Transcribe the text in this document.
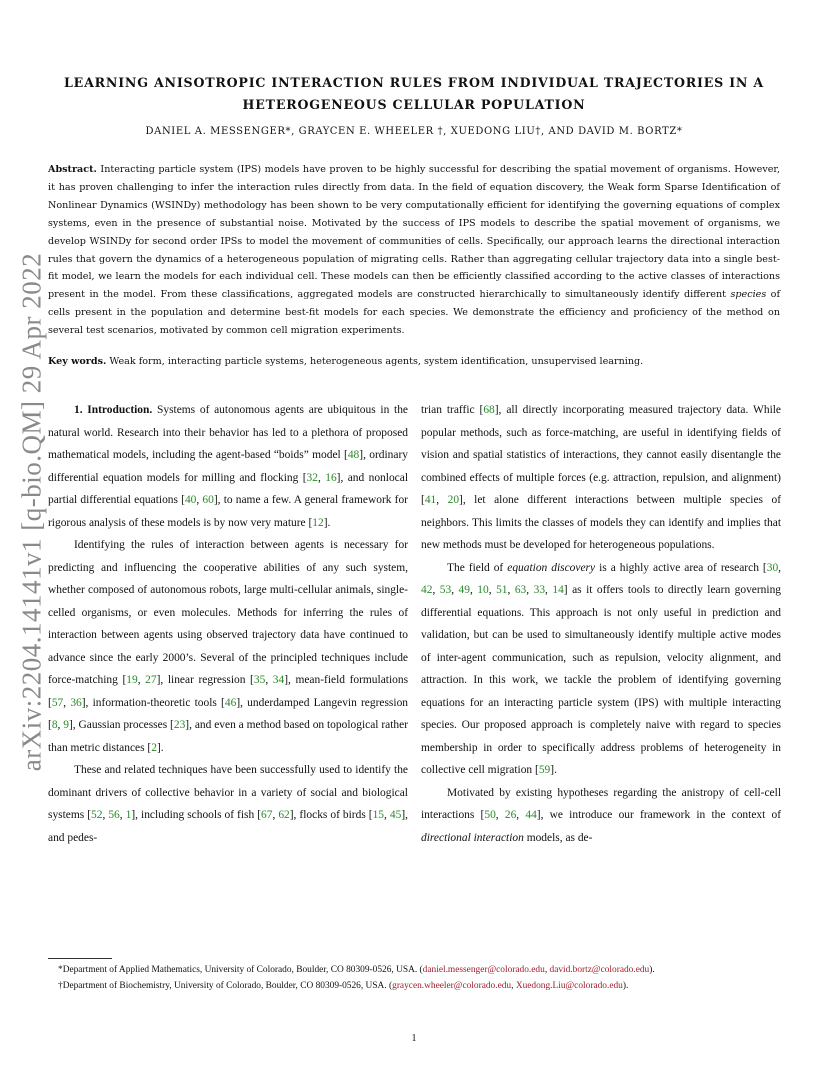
arXiv:2204.14141v1 [q-bio.QM] 29 Apr 2022
LEARNING ANISOTROPIC INTERACTION RULES FROM INDIVIDUAL TRAJECTORIES IN A
HETEROGENEOUS CELLULAR POPULATION
DANIEL A. MESSENGER*, GRAYCEN E. WHEELER †, XUEDONG LIU†, AND DAVID M. BORTZ*
Abstract. Interacting particle system (IPS) models have proven to be highly successful for describing the spatial movement of organisms. However, it has proven challenging to infer the interaction rules directly from data. In the field of equation discovery, the Weak form Sparse Identification of Nonlinear Dynamics (WSINDy) methodology has been shown to be very computationally efficient for identifying the governing equations of complex systems, even in the presence of substantial noise. Motivated by the success of IPS models to describe the spatial movement of organisms, we develop WSINDy for second order IPSs to model the movement of communities of cells. Specifically, our approach learns the directional interaction rules that govern the dynamics of a heterogeneous population of migrating cells. Rather than aggregating cellular trajectory data into a single best-fit model, we learn the models for each individual cell. These models can then be efficiently classified according to the active classes of interactions present in the model. From these classifications, aggregated models are constructed hierarchically to simultaneously identify different species of cells present in the population and determine best-fit models for each species. We demonstrate the efficiency and proficiency of the method on several test scenarios, motivated by common cell migration experiments.
Key words. Weak form, interacting particle systems, heterogeneous agents, system identification, unsupervised learning.

1. Introduction. Systems of autonomous agents are ubiquitous in the natural world. Research into their behavior has led to a plethora of proposed mathematical models, including the agent-based “boids” model [48], ordinary differential equation models for milling and flocking [32, 16], and nonlocal partial differential equations [40, 60], to name a few. A general framework for rigorous analysis of these models is by now very mature [12].

Identifying the rules of interaction between agents is necessary for predicting and influencing the cooperative abilities of any such system, whether composed of autonomous robots, large multi-cellular animals, single-celled organisms, or even molecules. Methods for inferring the rules of interaction between agents using observed trajectory data have continued to advance since the early 2000’s. Several of the principled techniques include force-matching [19, 27], linear regression [35, 34], mean-field formulations [57, 36], information-theoretic tools [46], underdamped Langevin regression [8, 9], Gaussian processes [23], and even a method based on topological rather than metric distances [2].

These and related techniques have been successfully used to identify the dominant drivers of collective behavior in a variety of social and biological systems [52, 56, 1], including schools of fish [67, 62], flocks of birds [15, 45], and pedes-

trian traffic [68], all directly incorporating measured trajectory data. While popular methods, such as force-matching, are useful in identifying fields of vision and spatial statistics of interactions, they cannot easily disentangle the combined effects of multiple forces (e.g. attraction, repulsion, and alignment) [41, 20], let alone different interactions between multiple species of neighbors. This limits the classes of models they can identify and implies that new methods must be developed for heterogeneous populations.

The field of equation discovery is a highly active area of research [30, 42, 53, 49, 10, 51, 63, 33, 14] as it offers tools to directly learn governing differential equations. This approach is not only useful in prediction and validation, but can be used to simultaneously identify multiple active modes of inter-agent communication, such as repulsion, velocity alignment, and attraction. In this work, we tackle the problem of identifying governing equations for an interacting particle system (IPS) with multiple interacting species. Our proposed approach is completely naive with regard to species membership in order to specifically address problems of heterogeneity in collective cell migration [59].

Motivated by existing hypotheses regarding the anistropy of cell-cell interactions [50, 26, 44], we introduce our framework in the context of directional interaction models, as de-

*Department of Applied Mathematics, University of Colorado, Boulder, CO 80309-0526, USA. (daniel.messenger@colorado.edu, david.bortz@colorado.edu).

†Department of Biochemistry, University of Colorado, Boulder, CO 80309-0526, USA. (graycen.wheeler@colorado.edu, Xuedong.Liu@colorado.edu).

1
